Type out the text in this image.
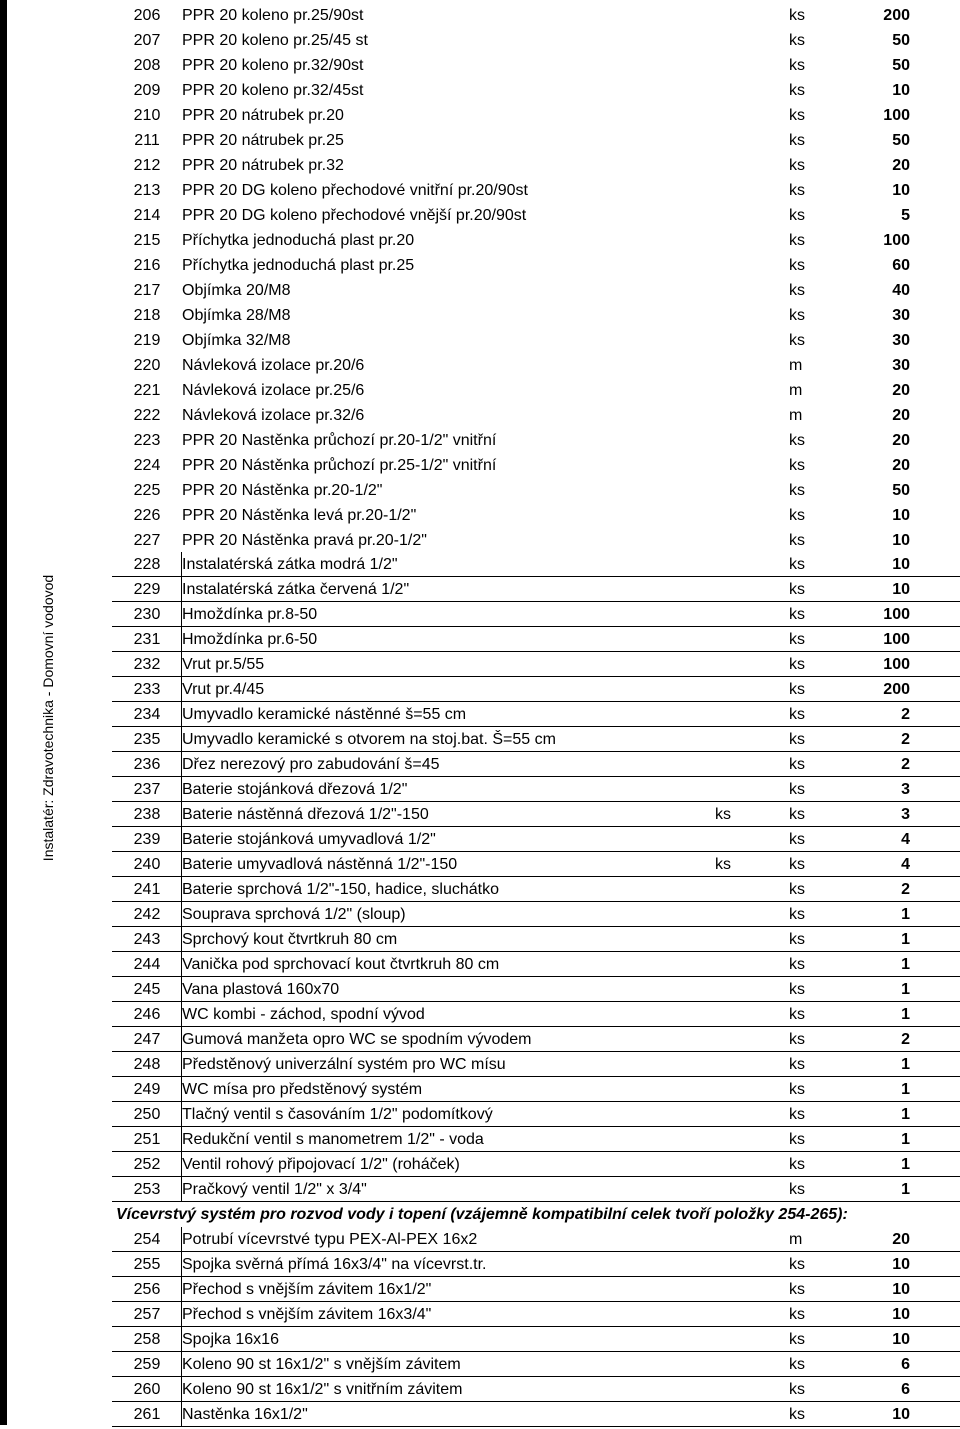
Instalatér: Zdravotechnika - Domovní vodovod
206	PPR 20 koleno pr.25/90st	ks	200
207	PPR 20 koleno pr.25/45 st	ks	50
208	PPR 20 koleno pr.32/90st	ks	50
209	PPR 20 koleno pr.32/45st	ks	10
210	PPR 20 nátrubek pr.20	ks	100
211	PPR 20 nátrubek pr.25	ks	50
212	PPR 20 nátrubek pr.32	ks	20
213	PPR 20 DG koleno přechodové vnitřní pr.20/90st	ks	10
214	PPR 20 DG koleno přechodové vnější pr.20/90st	ks	5
215	Příchytka jednoduchá plast pr.20	ks	100
216	Příchytka jednoduchá plast pr.25	ks	60
217	Objímka 20/M8	ks	40
218	Objímka 28/M8	ks	30
219	Objímka 32/M8	ks	30
220	Návleková izolace pr.20/6	m	30
221	Návleková izolace pr.25/6	m	20
222	Návleková izolace pr.32/6	m	20
223	PPR 20 Nastěnka průchozí pr.20-1/2" vnitřní	ks	20
224	PPR 20 Nástěnka průchozí pr.25-1/2" vnitřní	ks	20
225	PPR 20 Nástěnka pr.20-1/2"	ks	50
226	PPR 20 Nástěnka levá pr.20-1/2"	ks	10
227	PPR 20 Nástěnka pravá pr.20-1/2"	ks	10
228	Instalatérská zátka modrá 1/2"	ks	10
229	Instalatérská zátka červená 1/2"	ks	10
230	Hmoždínka pr.8-50	ks	100
231	Hmoždínka pr.6-50	ks	100
232	Vrut pr.5/55	ks	100
233	Vrut pr.4/45	ks	200
234	Umyvadlo keramické nástěnné š=55 cm	ks	2
235	Umyvadlo keramické s otvorem na stoj.bat. Š=55 cm	ks	2
236	Dřez nerezový pro zabudování š=45	ks	2
237	Baterie stojánková dřezová 1/2"	ks	3
238	Baterie nástěnná dřezová 1/2"-150	ks	ks	3
239	Baterie stojánková umyvadlová 1/2"	ks	4
240	Baterie umyvadlová nástěnná 1/2"-150	ks	ks	4
241	Baterie sprchová 1/2"-150, hadice, sluchátko	ks	2
242	Souprava sprchová 1/2" (sloup)	ks	1
243	Sprchový kout čtvrtkruh 80 cm	ks	1
244	Vanička pod sprchovací kout čtvrtkruh 80 cm	ks	1
245	Vana plastová 160x70	ks	1
246	WC kombi - záchod, spodní vývod	ks	1
247	Gumová manžeta opro WC se spodním vývodem	ks	2
248	Předstěnový univerzální systém pro WC mísu	ks	1
249	WC mísa pro předstěnový systém	ks	1
250	Tlačný ventil s časováním 1/2" podomítkový	ks	1
251	Redukční ventil s manometrem 1/2" - voda	ks	1
252	Ventil rohový připojovací 1/2" (roháček)	ks	1
253	Pračkový ventil 1/2" x 3/4"	ks	1
Vícevrstvý systém pro rozvod vody i topení (vzájemně kompatibilní celek tvoří položky 254-265):
254	Potrubí vícevrstvé typu PEX-Al-PEX 16x2	m	20
255	Spojka svěrná přímá 16x3/4" na vícevrst.tr.	ks	10
256	Přechod s vnějším závitem 16x1/2"	ks	10
257	Přechod s vnějším závitem 16x3/4"	ks	10
258	Spojka 16x16	ks	10
259	Koleno 90 st 16x1/2" s vnějším závitem	ks	6
260	Koleno 90 st 16x1/2" s vnitřním závitem	ks	6
261	Nastěnka 16x1/2"	ks	10
